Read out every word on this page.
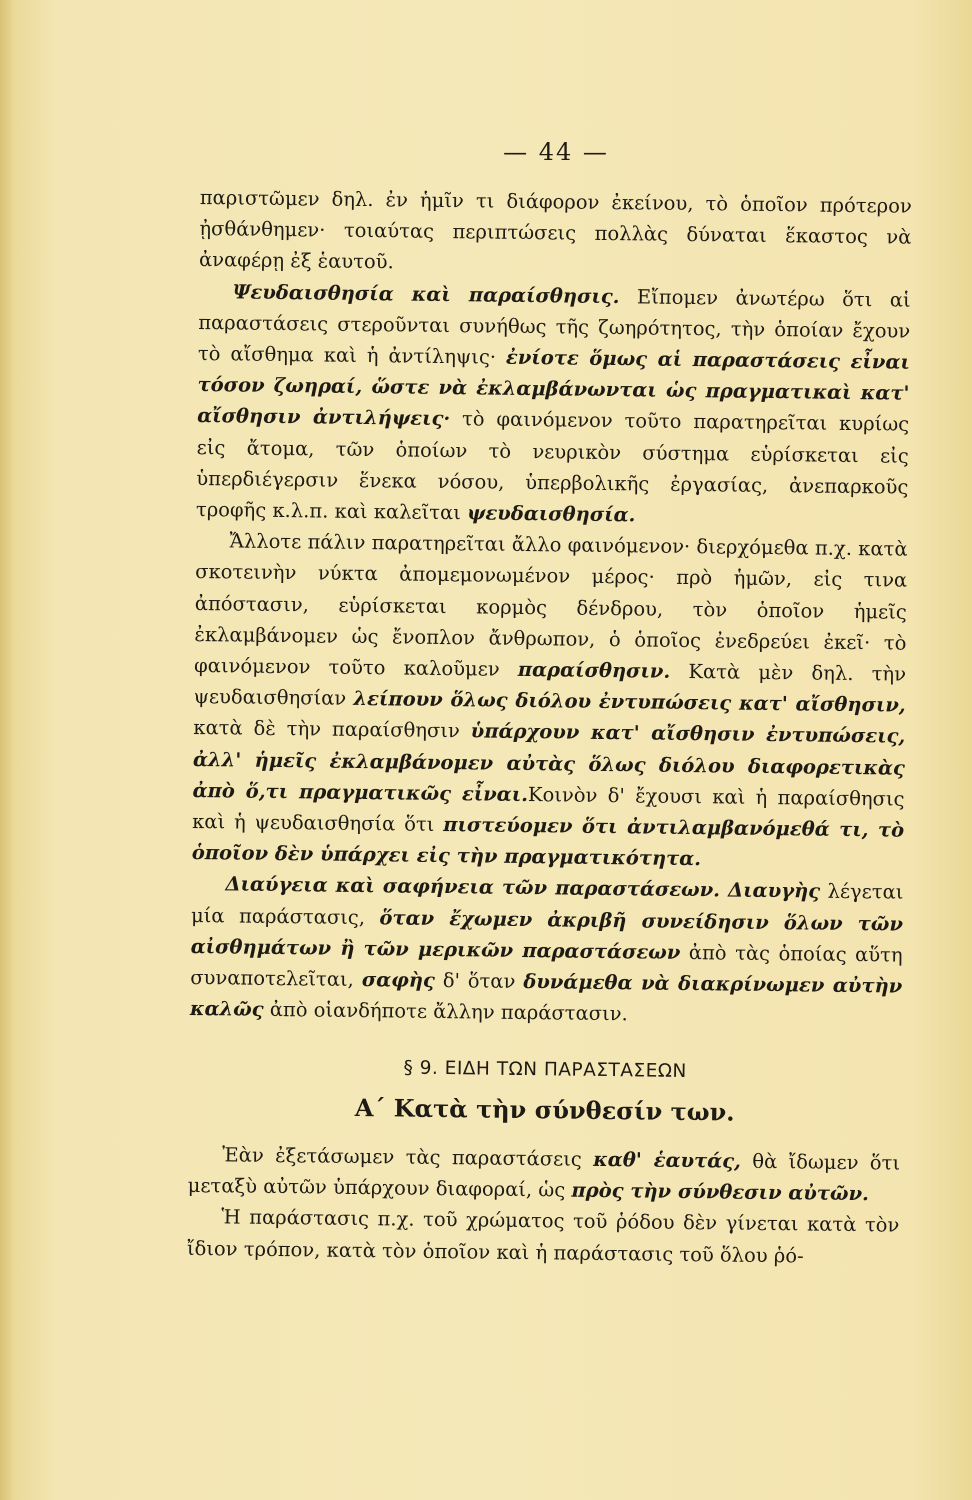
— 44 —

παριστῶμεν δηλ. ἐν ἡμῖν τι διάφορον ἐκείνου, τὸ ὁποῖον πρότερον ᾐσθάνθημεν· τοιαύτας περιπτώσεις πολλὰς δύναται ἕκαστος νὰ ἀναφέρῃ ἐξ ἑαυτοῦ.

Ψευδαισθησία καὶ παραίσθησις. Εἴπομεν ἀνωτέρω ὅτι αἱ παραστάσεις στεροῦνται συνήθως τῆς ζωηρότητος, τὴν ὁποίαν ἔχουν τὸ αἴσθημα καὶ ἡ ἀντίληψις· ἐνίοτε ὅμως αἱ παραστάσεις εἶναι τόσον ζωηραί, ὥστε νὰ ἐκλαμβάνωνται ὡς πραγματικαὶ κατ' αἴσθησιν ἀντιλήψεις· τὸ φαινόμενον τοῦτο παρατηρεῖται κυρίως εἰς ἄτομα, τῶν ὁποίων τὸ νευρικὸν σύστημα εὑρίσκεται εἰς ὑπερδιέγερσιν ἕνεκα νόσου, ὑπερβολικῆς ἐργασίας, ἀνεπαρκοῦς τροφῆς κ.λ.π. καὶ καλεῖται ψευδαισθησία.

Ἄλλοτε πάλιν παρατηρεῖται ἄλλο φαινόμενον· διερχόμεθα π.χ. κατὰ σκοτεινὴν νύκτα ἀπομεμονωμένον μέρος· πρὸ ἡμῶν, εἰς τινα ἀπόστασιν, εὑρίσκεται κορμὸς δένδρου, τὸν ὁποῖον ἡμεῖς ἐκλαμβάνομεν ὡς ἔνοπλον ἄνθρωπον, ὁ ὁποῖος ἐνεδρεύει ἐκεῖ· τὸ φαινόμενον τοῦτο καλοῦμεν παραίσθησιν. Κατὰ μὲν δηλ. τὴν ψευδαισθησίαν λείπουν ὅλως διόλου ἐντυπώσεις κατ' αἴσθησιν, κατὰ δὲ τὴν παραίσθησιν ὑπάρχουν κατ' αἴσθησιν ἐντυπώσεις, ἀλλ' ἡμεῖς ἐκλαμβάνομεν αὐτὰς ὅλως διόλου διαφορετικὰς ἀπὸ ὅ,τι πραγματικῶς εἶναι.Κοινὸν δ' ἔχουσι καὶ ἡ παραίσθησις καὶ ἡ ψευδαισθησία ὅτι πιστεύομεν ὅτι ἀντιλαμβανόμεθά τι, τὸ ὁποῖον δὲν ὑπάρχει εἰς τὴν πραγματικότητα.

Διαύγεια καὶ σαφήνεια τῶν παραστάσεων. Διαυγὴς λέγεται μία παράστασις, ὅταν ἔχωμεν ἀκριβῆ συνείδησιν ὅλων τῶν αἰσθημάτων ἢ τῶν μερικῶν παραστάσεων ἀπὸ τὰς ὁποίας αὕτη συναποτελεῖται, σαφὴς δ' ὅταν δυνάμεθα νὰ διακρίνωμεν αὐτὴν καλῶς ἀπὸ οἱανδήποτε ἄλλην παράστασιν.

§ 9. ΕΙΔΗ ΤΩΝ ΠΑΡΑΣΤΑΣΕΩΝ
Α΄ Κατὰ τὴν σύνθεσίν των.

Ἐὰν ἐξετάσωμεν τὰς παραστάσεις καθ' ἑαυτάς, θὰ ἴδωμεν ὅτι μεταξὺ αὐτῶν ὑπάρχουν διαφοραί, ὡς πρὸς τὴν σύνθεσιν αὐτῶν.

Ἡ παράστασις π.χ. τοῦ χρώματος τοῦ ῥόδου δὲν γίνεται κατὰ τὸν ἴδιον τρόπον, κατὰ τὸν ὁποῖον καὶ ἡ παράστασις τοῦ ὅλου ῥό-
